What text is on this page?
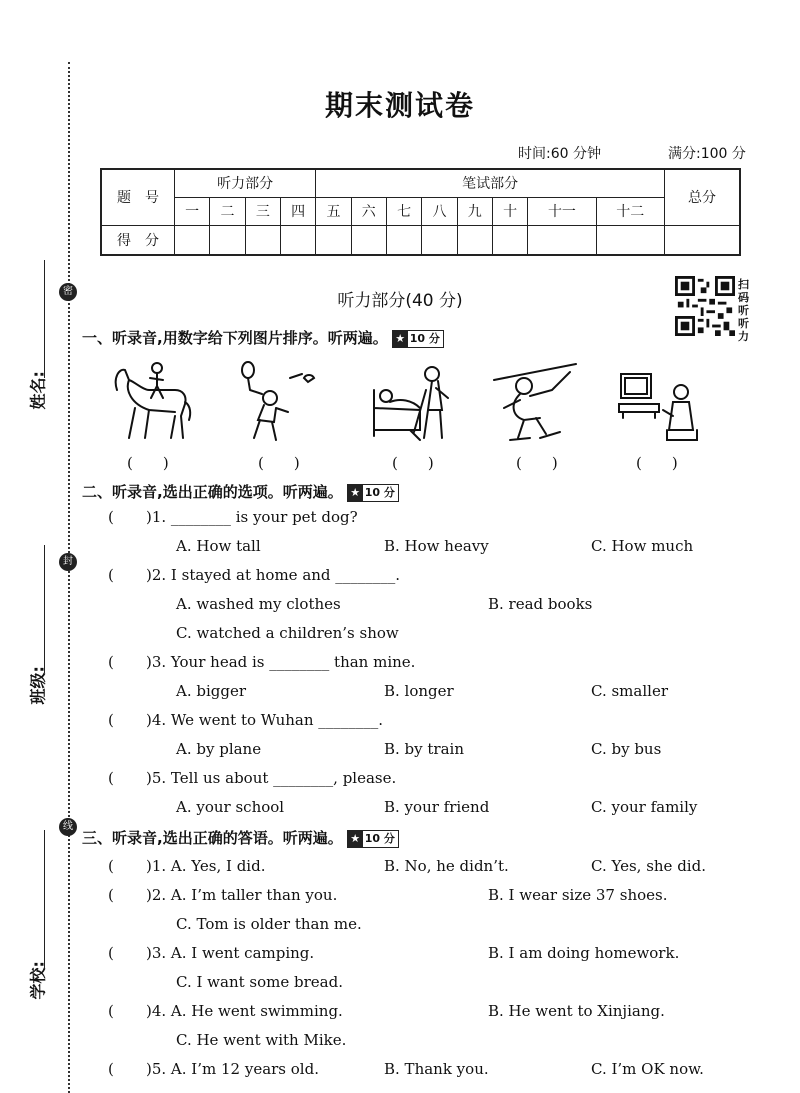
密
封
线
姓名:
班级:
学校:
期末测试卷
时间:60 分钟	满分:100 分
题　号	听力部分				笔试部分								总分
	一	二	三	四	五	六	七	八	九	十	十一	十二	
得　分													
听力部分(40 分)
扫码听听力
一、听录音,用数字给下列图片排序。听两遍。 ★ 10 分
(　　)	(　　)	(　　)	(　　)	(　　)
二、听录音,选出正确的选项。听两遍。 ★ 10 分
( )1. ________ is your pet dog?
A. How tall	B. How heavy	C. How much
( )2. I stayed at home and ________.
A. washed my clothes	B. read books
C. watched a children’s show
( )3. Your head is ________ than mine.
A. bigger	B. longer	C. smaller
( )4. We went to Wuhan ________.
A. by plane	B. by train	C. by bus
( )5. Tell us about ________, please.
A. your school	B. your friend	C. your family
三、听录音,选出正确的答语。听两遍。 ★ 10 分
( )1. A. Yes, I did.	B. No, he didn’t.	C. Yes, she did.
( )2. A. I’m taller than you.	B. I wear size 37 shoes.
C. Tom is older than me.
( )3. A. I went camping.	B. I am doing homework.
C. I want some bread.
( )4. A. He went swimming.	B. He went to Xinjiang.
C. He went with Mike.
( )5. A. I’m 12 years old.	B. Thank you.	C. I’m OK now.
